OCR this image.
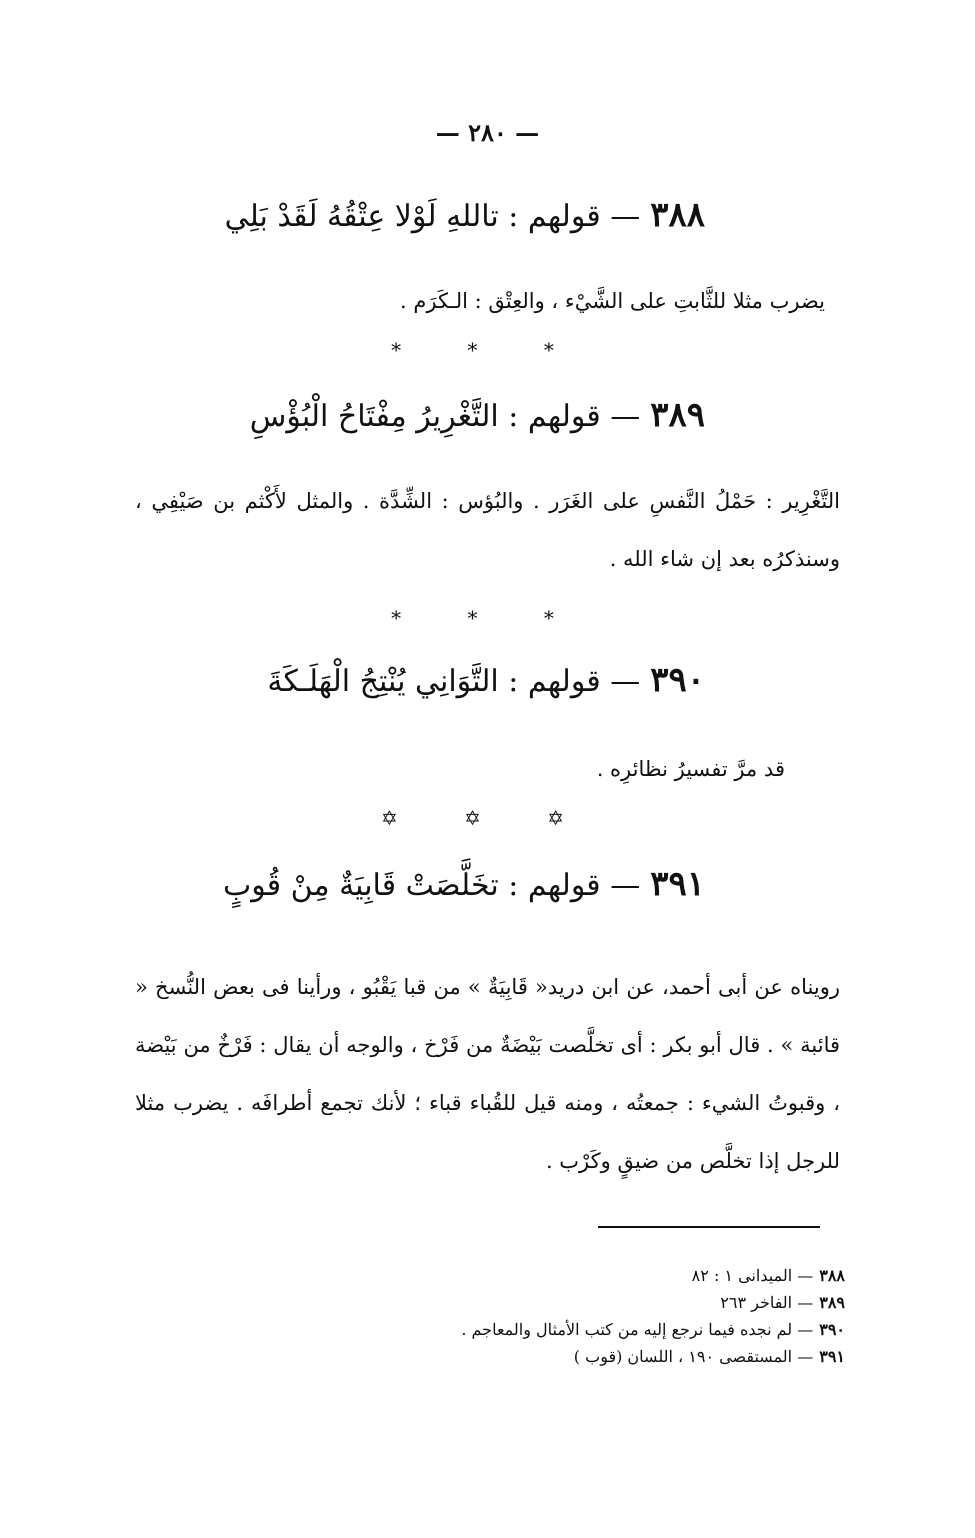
— ٢٨٠ —
٣٨٨— قولهم : تاللهِ لَوْلا عِتْقُهُ لَقَدْ بَلِي
يضرب مثلا للثَّابتِ على الشَّيْء ، والعِتْق : الـكَرَم .
* * *
٣٨٩— قولهم : التَّغْرِيرُ مِفْتَاحُ الْبُؤْسِ
التَّغْرِير : حَمْلُ النَّفسِ على الغَرَر . والبُؤس : الشِّدَّة . والمثل لأَكْثم بن صَيْفِي ، وسنذكرُه بعد إن شاء الله .
* * *
٣٩٠— قولهم : التَّوَانِي يُنْتِجُ الْهَلَـكَةَ
قد مرَّ تفسيرُ نظائرِه .
✡ ✡ ✡
٣٩١— قولهم : تخَلَّصَتْ قَابِيَةٌ مِنْ قُوبٍ
رويناه عن أبى أحمد، عن ابن دريد« قَابِيَةٌ » من قبا يَقْبُو ، ورأينا فى بعض النُّسخ « قائبة » . قال أبو بكر : أى تخلَّصت بَيْضَةٌ من فَرْخ ، والوجه أن يقال : فَرْخٌ من بَيْضة ، وقبوتُ الشيء : جمعتُه ، ومنه قيل للقُباء قباء ؛ لأنك تجمع أطرافَه . يضرب مثلا للرجل إذا تخلَّص من ضيقٍ وكَرْب .
٣٨٨— الميدانى ١ : ٨٢
٣٨٩— الفاخر ٢٦٣
٣٩٠— لم نجده فيما نرجع إليه من كتب الأمثال والمعاجم .
٣٩١— المستقصى ١٩٠ ، اللسان (قوب )
